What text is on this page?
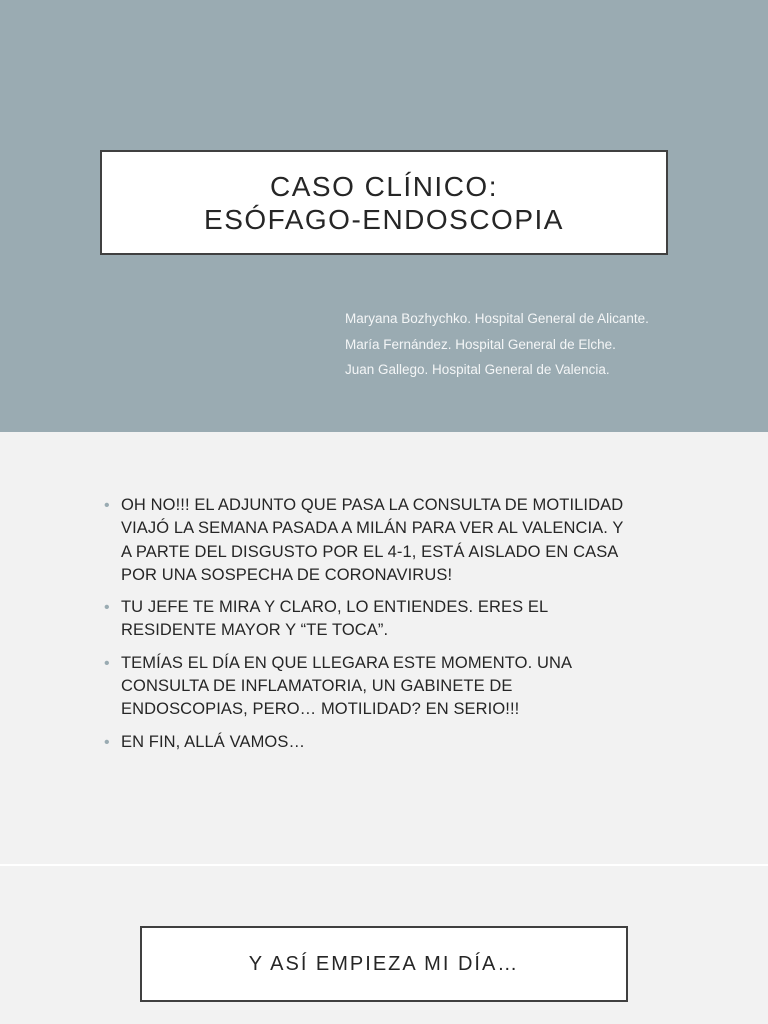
CASO CLÍNICO:
ESÓFAGO-ENDOSCOPIA
Maryana Bozhychko. Hospital General de Alicante.
María Fernández. Hospital General de Elche.
Juan Gallego. Hospital General de Valencia.
• OH NO!!! EL ADJUNTO QUE PASA LA CONSULTA DE MOTILIDAD VIAJÓ LA SEMANA PASADA A MILÁN PARA VER AL VALENCIA. Y A PARTE DEL DISGUSTO POR EL 4-1, ESTÁ AISLADO EN CASA POR UNA SOSPECHA DE CORONAVIRUS!
• TU JEFE TE MIRA Y CLARO, LO ENTIENDES. ERES EL RESIDENTE MAYOR Y “TE TOCA”.
• TEMÍAS EL DÍA EN QUE LLEGARA ESTE MOMENTO. UNA CONSULTA DE INFLAMATORIA, UN GABINETE DE ENDOSCOPIAS, PERO… MOTILIDAD? EN SERIO!!!
• EN FIN, ALLÁ VAMOS…
Y ASÍ EMPIEZA MI DÍA…
